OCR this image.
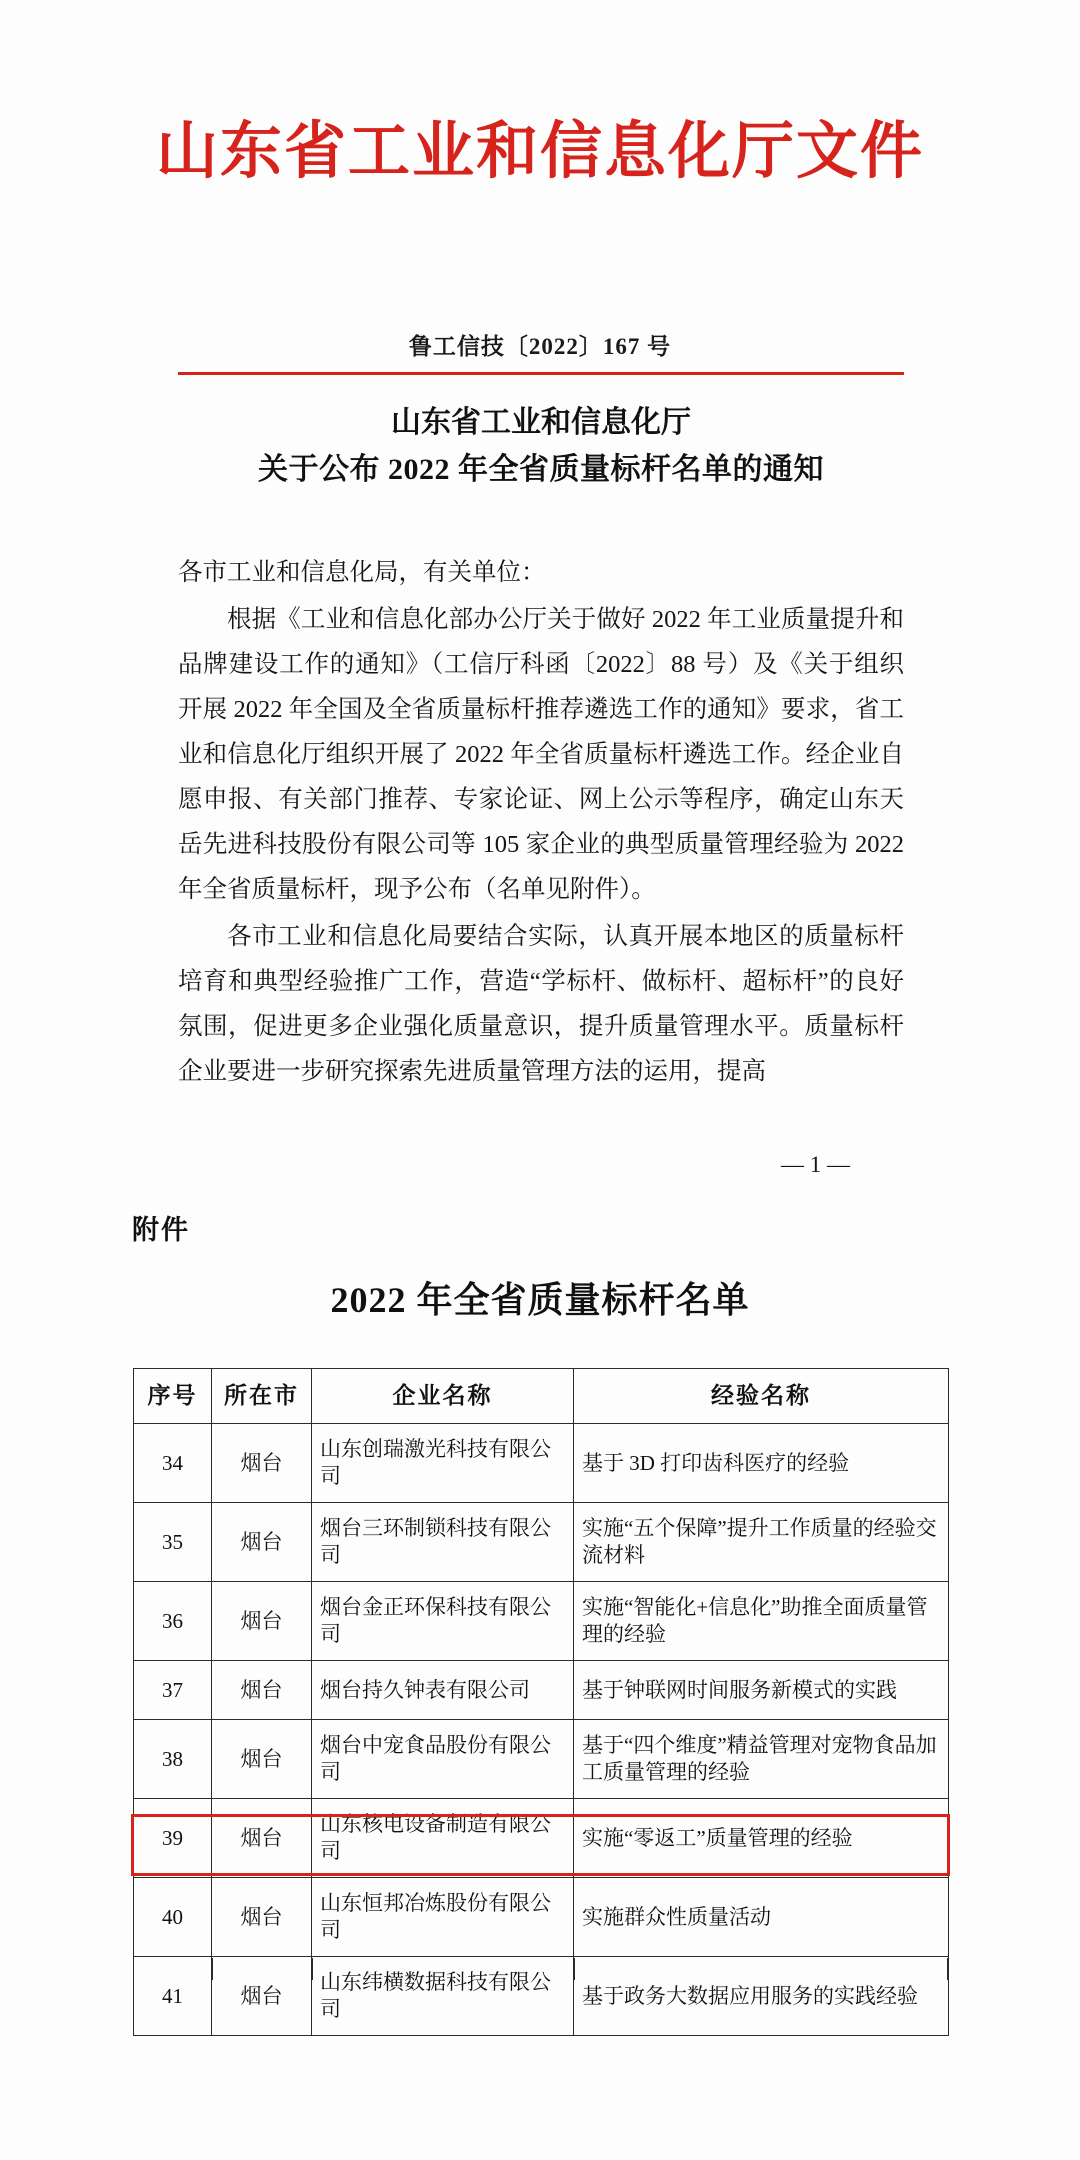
山东省工业和信息化厅文件
鲁工信技〔2022〕167 号
山东省工业和信息化厅
关于公布 2022 年全省质量标杆名单的通知

各市工业和信息化局，有关单位：

根据《工业和信息化部办公厅关于做好 2022 年工业质量提升和品牌建设工作的通知》（工信厅科函〔2022〕88 号）及《关于组织开展 2022 年全国及全省质量标杆推荐遴选工作的通知》要求，省工业和信息化厅组织开展了 2022 年全省质量标杆遴选工作。经企业自愿申报、有关部门推荐、专家论证、网上公示等程序，确定山东天岳先进科技股份有限公司等 105 家企业的典型质量管理经验为 2022 年全省质量标杆，现予公布（名单见附件）。

各市工业和信息化局要结合实际，认真开展本地区的质量标杆培育和典型经验推广工作，营造“学标杆、做标杆、超标杆”的良好氛围，促进更多企业强化质量意识，提升质量管理水平。质量标杆企业要进一步研究探索先进质量管理方法的运用，提高

— 1 —
附件
2022 年全省质量标杆名单
序号	所在市	企业名称	经验名称
34	烟台	山东创瑞激光科技有限公司	基于 3D 打印齿科医疗的经验
35	烟台	烟台三环制锁科技有限公司	实施“五个保障”提升工作质量的经验交流材料
36	烟台	烟台金正环保科技有限公司	实施“智能化+信息化”助推全面质量管理的经验
37	烟台	烟台持久钟表有限公司	基于钟联网时间服务新模式的实践
38	烟台	烟台中宠食品股份有限公司	基于“四个维度”精益管理对宠物食品加工质量管理的经验
39	烟台	山东核电设备制造有限公司	实施“零返工”质量管理的经验
40	烟台	山东恒邦冶炼股份有限公司	实施群众性质量活动
41	烟台	山东纬横数据科技有限公司	基于政务大数据应用服务的实践经验
